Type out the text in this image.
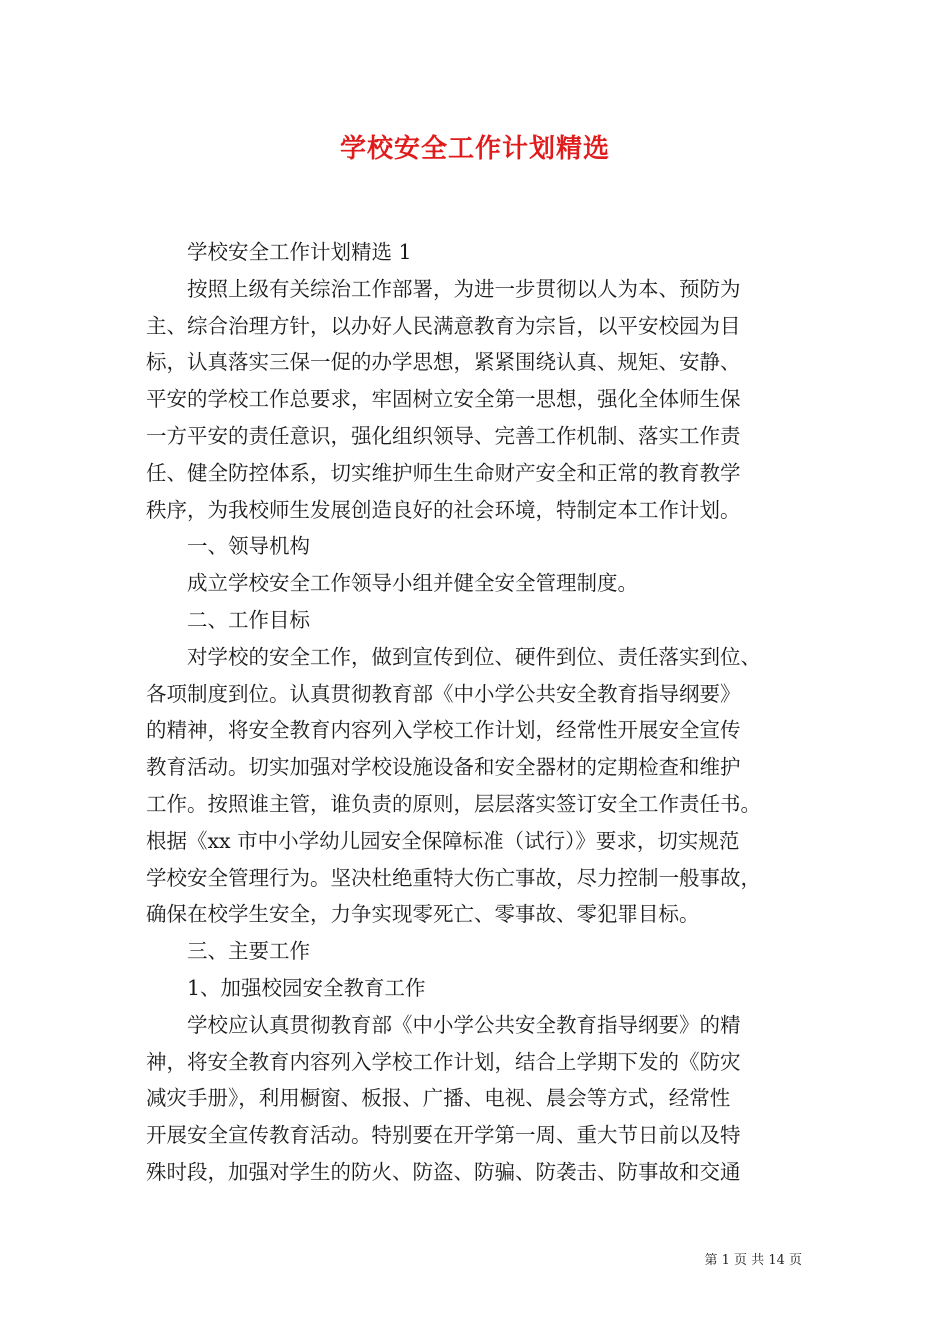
学校安全工作计划精选
学校安全工作计划精选 1
按照上级有关综治工作部署，为进一步贯彻以人为本、预防为
主、综合治理方针，以办好人民满意教育为宗旨，以平安校园为目
标，认真落实三保一促的办学思想，紧紧围绕认真、规矩、安静、
平安的学校工作总要求，牢固树立安全第一思想，强化全体师生保
一方平安的责任意识，强化组织领导、完善工作机制、落实工作责
任、健全防控体系，切实维护师生生命财产安全和正常的教育教学
秩序，为我校师生发展创造良好的社会环境，特制定本工作计划。
一、领导机构
成立学校安全工作领导小组并健全安全管理制度。
二、工作目标
对学校的安全工作，做到宣传到位、硬件到位、责任落实到位、
各项制度到位。认真贯彻教育部《中小学公共安全教育指导纲要》
的精神，将安全教育内容列入学校工作计划，经常性开展安全宣传
教育活动。切实加强对学校设施设备和安全器材的定期检查和维护
工作。按照谁主管，谁负责的原则，层层落实签订安全工作责任书。
根据《xx 市中小学幼儿园安全保障标准（试行）》要求，切实规范
学校安全管理行为。坚决杜绝重特大伤亡事故，尽力控制一般事故，
确保在校学生安全，力争实现零死亡、零事故、零犯罪目标。
三、主要工作
1、加强校园安全教育工作
学校应认真贯彻教育部《中小学公共安全教育指导纲要》的精
神，将安全教育内容列入学校工作计划，结合上学期下发的《防灾
减灾手册》，利用橱窗、板报、广播、电视、晨会等方式，经常性
开展安全宣传教育活动。特别要在开学第一周、重大节日前以及特
殊时段，加强对学生的防火、防盗、防骗、防袭击、防事故和交通
第 1 页 共 14 页
